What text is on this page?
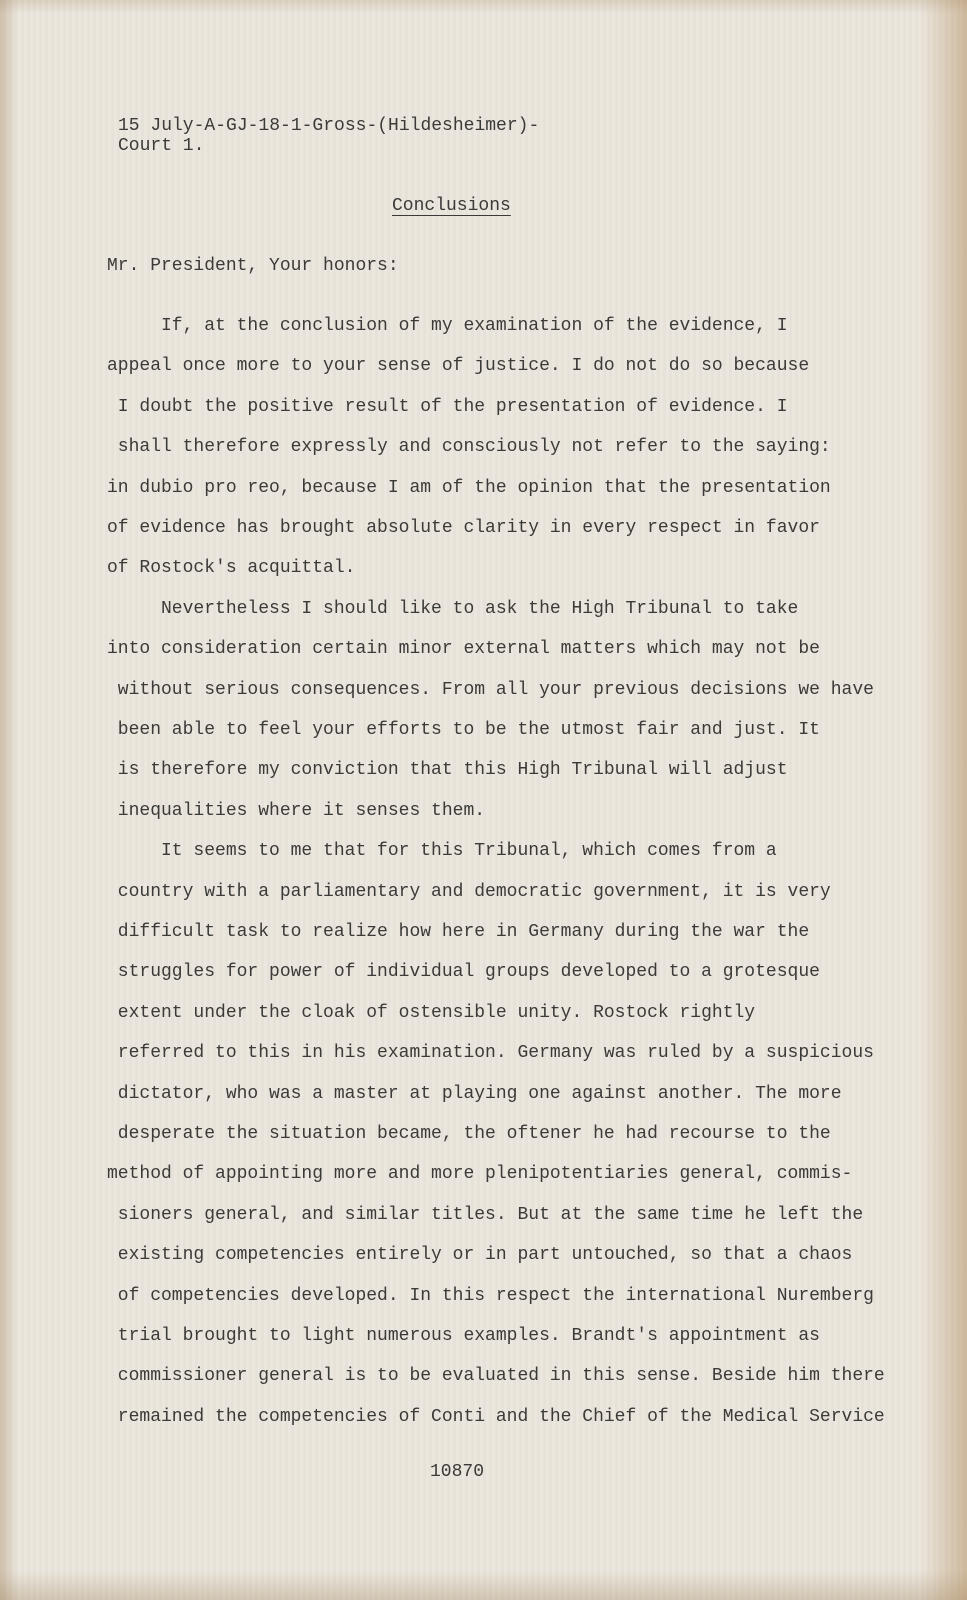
15 July-A-GJ-18-1-Gross-(Hildesheimer)-
Court 1.
Conclusions
Mr. President, Your honors:
If, at the conclusion of my examination of the evidence, I
appeal once more to your sense of justice. I do not do so because
I doubt the positive result of the presentation of evidence. I
shall therefore expressly and consciously not refer to the saying:
in dubio pro reo, because I am of the opinion that the presentation
of evidence has brought absolute clarity in every respect in favor
of Rostock's acquittal.
Nevertheless I should like to ask the High Tribunal to take
into consideration certain minor external matters which may not be
without serious consequences. From all your previous decisions we have
been able to feel your efforts to be the utmost fair and just. It
is therefore my conviction that this High Tribunal will adjust
inequalities where it senses them.
It seems to me that for this Tribunal, which comes from a
country with a parliamentary and democratic government, it is very
difficult task to realize how here in Germany during the war the
struggles for power of individual groups developed to a grotesque
extent under the cloak of ostensible unity. Rostock rightly
referred to this in his examination. Germany was ruled by a suspicious
dictator, who was a master at playing one against another. The more
desperate the situation became, the oftener he had recourse to the
method of appointing more and more plenipotentiaries general, commis-
sioners general, and similar titles. But at the same time he left the
existing competencies entirely or in part untouched, so that a chaos
of competencies developed. In this respect the international Nuremberg
trial brought to light numerous examples. Brandt's appointment as
commissioner general is to be evaluated in this sense. Beside him there
remained the competencies of Conti and the Chief of the Medical Service
10870
